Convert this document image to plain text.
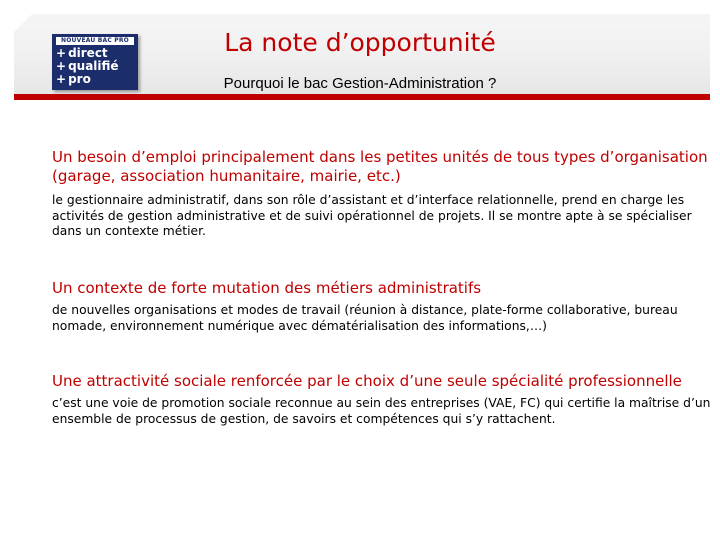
NOUVEAU BAC PRO
+ direct
+ qualifié
+ pro
La note d’opportunité
Pourquoi le bac Gestion-Administration ?

Un besoin d’emploi principalement dans les petites unités de tous types d’organisation (garage, association humanitaire, mairie, etc.)

le gestionnaire administratif, dans son rôle d’assistant et d’interface relationnelle, prend en charge les activités de gestion administrative et de suivi opérationnel de projets. Il se montre apte à se spécialiser dans un contexte métier.

Un contexte de forte mutation des métiers administratifs

de nouvelles organisations et modes de travail (réunion à distance, plate-forme collaborative, bureau nomade, environnement numérique avec dématérialisation des informations,…)

Une attractivité sociale renforcée par le choix d’une seule spécialité professionnelle

c’est une voie de promotion sociale reconnue au sein des entreprises (VAE, FC) qui certifie la maîtrise d’un ensemble de processus de gestion, de savoirs et compétences qui s’y rattachent.
